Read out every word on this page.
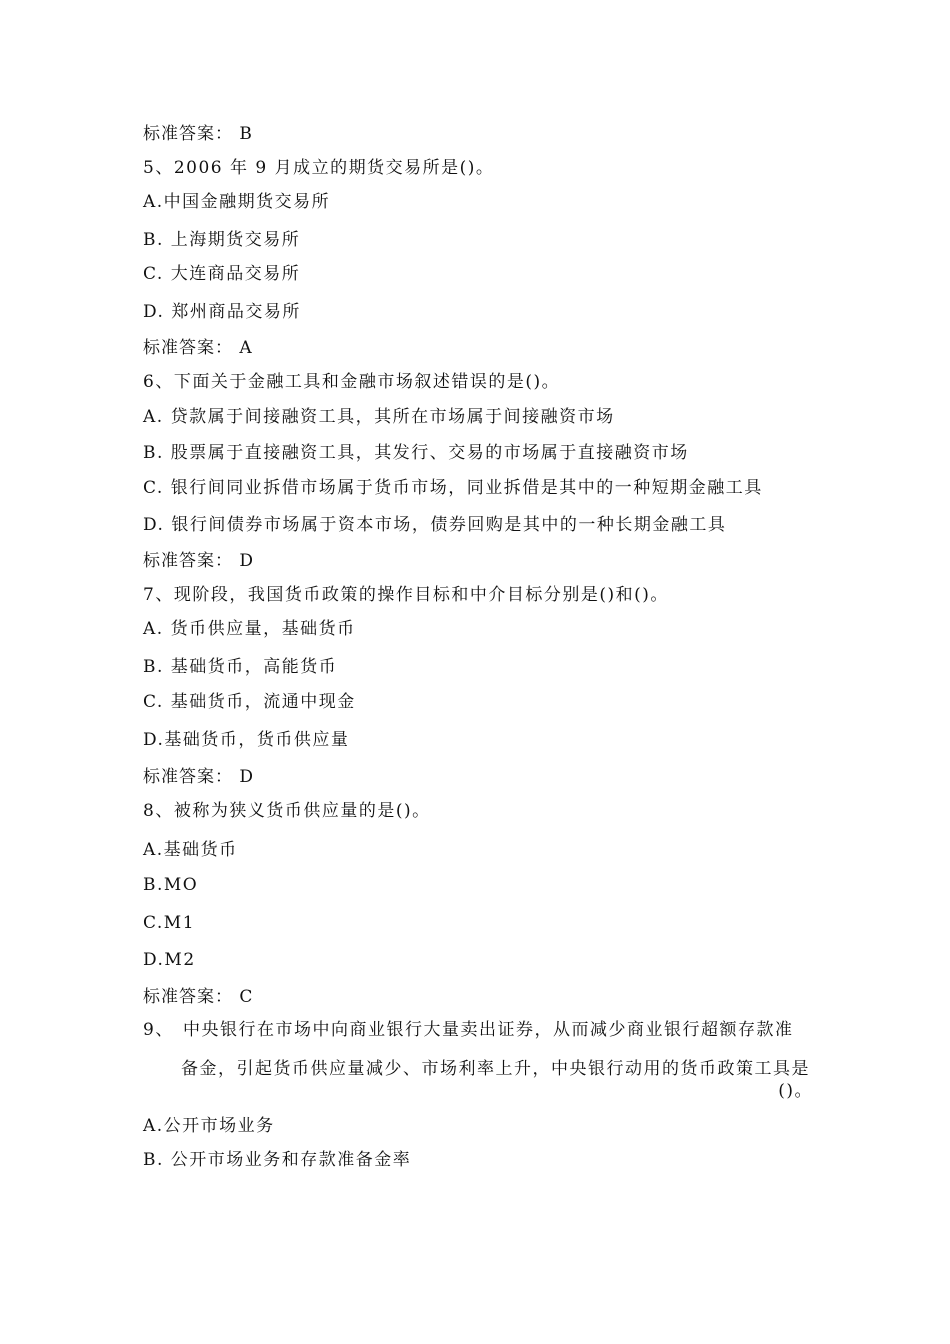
标准答案： B
5、2006 年 9 月成立的期货交易所是()。
A.中国金融期货交易所
B. 上海期货交易所
C. 大连商品交易所
D. 郑州商品交易所
标准答案： A
6、下面关于金融工具和金融市场叙述错误的是()。
A. 贷款属于间接融资工具，其所在市场属于间接融资市场
B. 股票属于直接融资工具，其发行、交易的市场属于直接融资市场
C. 银行间同业拆借市场属于货币市场，同业拆借是其中的一种短期金融工具
D. 银行间债券市场属于资本市场，债券回购是其中的一种长期金融工具
标准答案： D
7、现阶段，我国货币政策的操作目标和中介目标分别是()和()。
A. 货币供应量，基础货币
B. 基础货币，高能货币
C. 基础货币，流通中现金
D.基础货币，货币供应量
标准答案： D
8、被称为狭义货币供应量的是()。
A.基础货币
B.MO
C.M1
D.M2
标准答案： C
9、 中央银行在市场中向商业银行大量卖出证券，从而减少商业银行超额存款准
备金，引起货币供应量减少、市场利率上升，中央银行动用的货币政策工具是
()。
A.公开市场业务
B. 公开市场业务和存款准备金率
